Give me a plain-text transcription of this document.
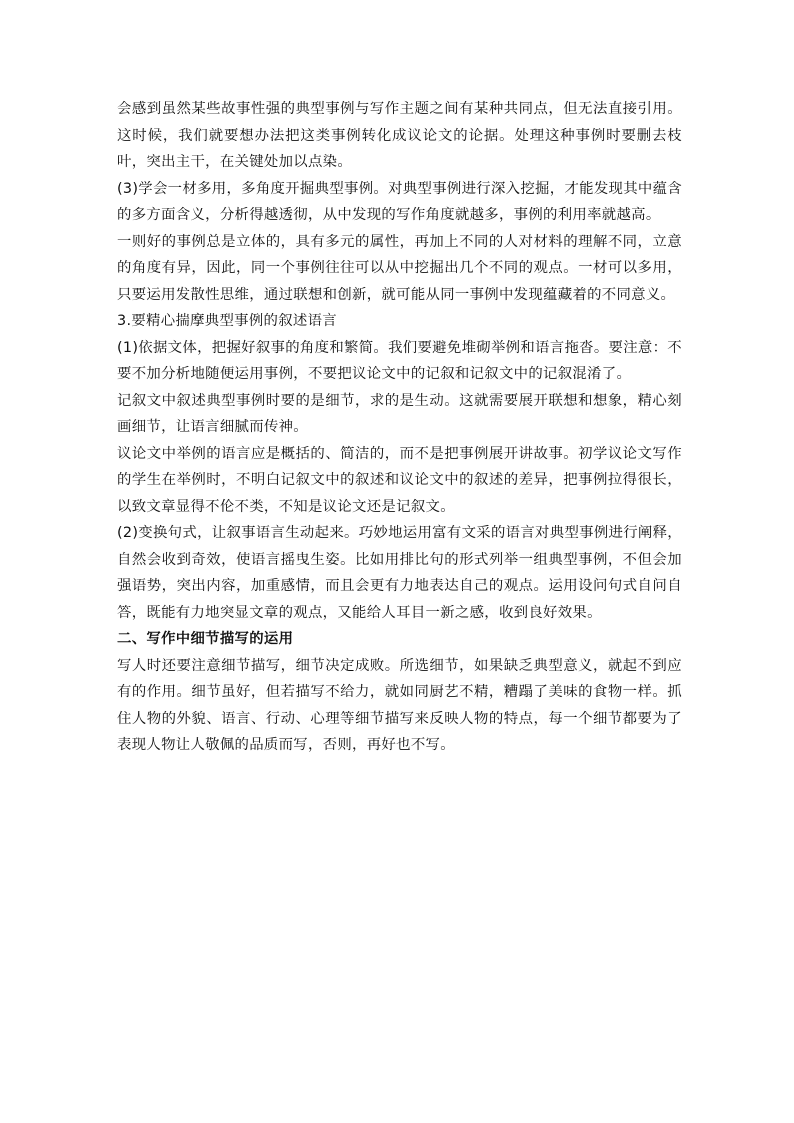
会感到虽然某些故事性强的典型事例与写作主题之间有某种共同点，但无法直接引用。这时候，我们就要想办法把这类事例转化成议论文的论据。处理这种事例时要删去枝叶，突出主干，在关键处加以点染。

(3)学会一材多用，多角度开掘典型事例。对典型事例进行深入挖掘，才能发现其中蕴含的多方面含义，分析得越透彻，从中发现的写作角度就越多，事例的利用率就越高。

一则好的事例总是立体的，具有多元的属性，再加上不同的人对材料的理解不同，立意的角度有异，因此，同一个事例往往可以从中挖掘出几个不同的观点。一材可以多用，只要运用发散性思维，通过联想和创新，就可能从同一事例中发现蕴藏着的不同意义。

3.要精心揣摩典型事例的叙述语言

(1)依据文体，把握好叙事的角度和繁简。我们要避免堆砌举例和语言拖沓。要注意：不要不加分析地随便运用事例，不要把议论文中的记叙和记叙文中的记叙混淆了。

记叙文中叙述典型事例时要的是细节，求的是生动。这就需要展开联想和想象，精心刻画细节，让语言细腻而传神。

议论文中举例的语言应是概括的、简洁的，而不是把事例展开讲故事。初学议论文写作的学生在举例时，不明白记叙文中的叙述和议论文中的叙述的差异，把事例拉得很长，以致文章显得不伦不类，不知是议论文还是记叙文。

(2)变换句式，让叙事语言生动起来。巧妙地运用富有文采的语言对典型事例进行阐释，自然会收到奇效，使语言摇曳生姿。比如用排比句的形式列举一组典型事例，不但会加强语势，突出内容，加重感情，而且会更有力地表达自己的观点。运用设问句式自问自答，既能有力地突显文章的观点，又能给人耳目一新之感，收到良好效果。

二、写作中细节描写的运用

写人时还要注意细节描写，细节决定成败。所选细节，如果缺乏典型意义，就起不到应有的作用。细节虽好，但若描写不给力，就如同厨艺不精，糟蹋了美味的食物一样。抓住人物的外貌、语言、行动、心理等细节描写来反映人物的特点，每一个细节都要为了表现人物让人敬佩的品质而写，否则，再好也不写。
